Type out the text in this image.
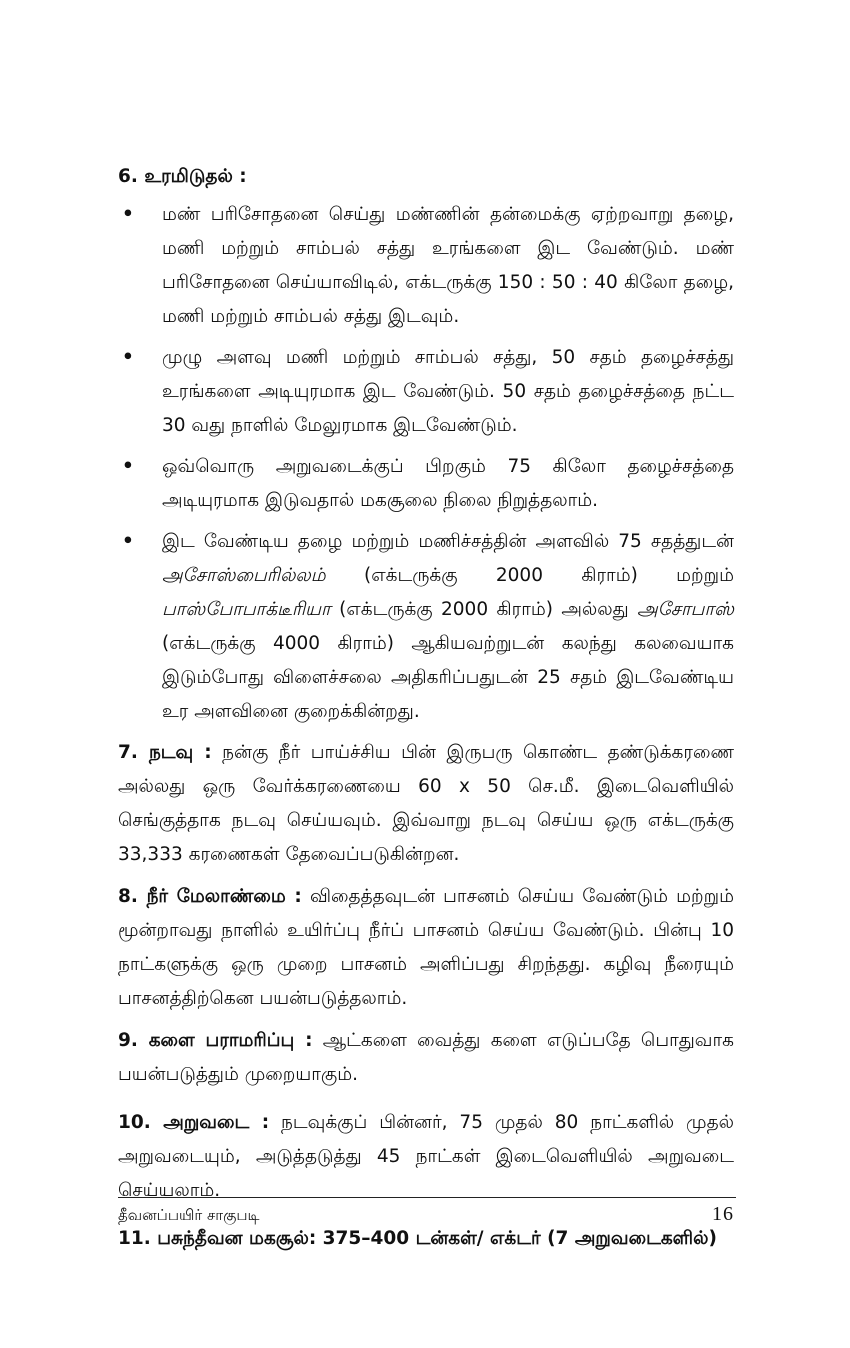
6. உரமிடுதல் :
• மண் பரிசோதனை செய்து மண்ணின் தன்மைக்கு ஏற்றவாறு தழை, மணி மற்றும் சாம்பல் சத்து உரங்களை இட வேண்டும். மண் பரிசோதனை செய்யாவிடில், எக்டருக்கு 150 : 50 : 40 கிலோ தழை, மணி மற்றும் சாம்பல் சத்து இடவும்.
• முழு அளவு மணி மற்றும் சாம்பல் சத்து, 50 சதம் தழைச்சத்து உரங்களை அடியுரமாக இட வேண்டும். 50 சதம் தழைச்சத்தை நட்ட 30 வது நாளில் மேலுரமாக இடவேண்டும்.
• ஒவ்வொரு அறுவடைக்குப் பிறகும் 75 கிலோ தழைச்சத்தை அடியுரமாக இடுவதால் மகசூலை நிலை நிறுத்தலாம்.
• இட வேண்டிய தழை மற்றும் மணிச்சத்தின் அளவில் 75 சதத்துடன் அசோஸ்பைரில்லம் (எக்டருக்கு 2000 கிராம்) மற்றும் பாஸ்போபாக்டீரியா (எக்டருக்கு 2000 கிராம்) அல்லது அசோபாஸ் (எக்டருக்கு 4000 கிராம்) ஆகியவற்றுடன் கலந்து கலவையாக இடும்போது விளைச்சலை அதிகரிப்பதுடன் 25 சதம் இடவேண்டிய உர அளவினை குறைக்கின்றது.

7. நடவு : நன்கு நீர் பாய்ச்சிய பின் இருபரு கொண்ட தண்டுக்கரணை அல்லது ஒரு வேர்க்கரணையை 60 x 50 செ.மீ. இடைவெளியில் செங்குத்தாக நடவு செய்யவும். இவ்வாறு நடவு செய்ய ஒரு எக்டருக்கு 33,333 கரணைகள் தேவைப்படுகின்றன.

8. நீர் மேலாண்மை : விதைத்தவுடன் பாசனம் செய்ய வேண்டும் மற்றும் மூன்றாவது நாளில் உயிர்ப்பு நீர்ப் பாசனம் செய்ய வேண்டும். பின்பு 10 நாட்களுக்கு ஒரு முறை பாசனம் அளிப்பது சிறந்தது. கழிவு நீரையும் பாசனத்திற்கென பயன்படுத்தலாம்.

9. களை பராமரிப்பு : ஆட்களை வைத்து களை எடுப்பதே பொதுவாக பயன்படுத்தும் முறையாகும்.

10. அறுவடை : நடவுக்குப் பின்னர், 75 முதல் 80 நாட்களில் முதல் அறுவடையும், அடுத்தடுத்து 45 நாட்கள் இடைவெளியில் அறுவடை செய்யலாம்.

11. பசுந்தீவன மகசூல்: 375–400 டன்கள்/ எக்டர் (7 அறுவடைகளில்)

தீவனப்பயிர் சாகுபடி	16
